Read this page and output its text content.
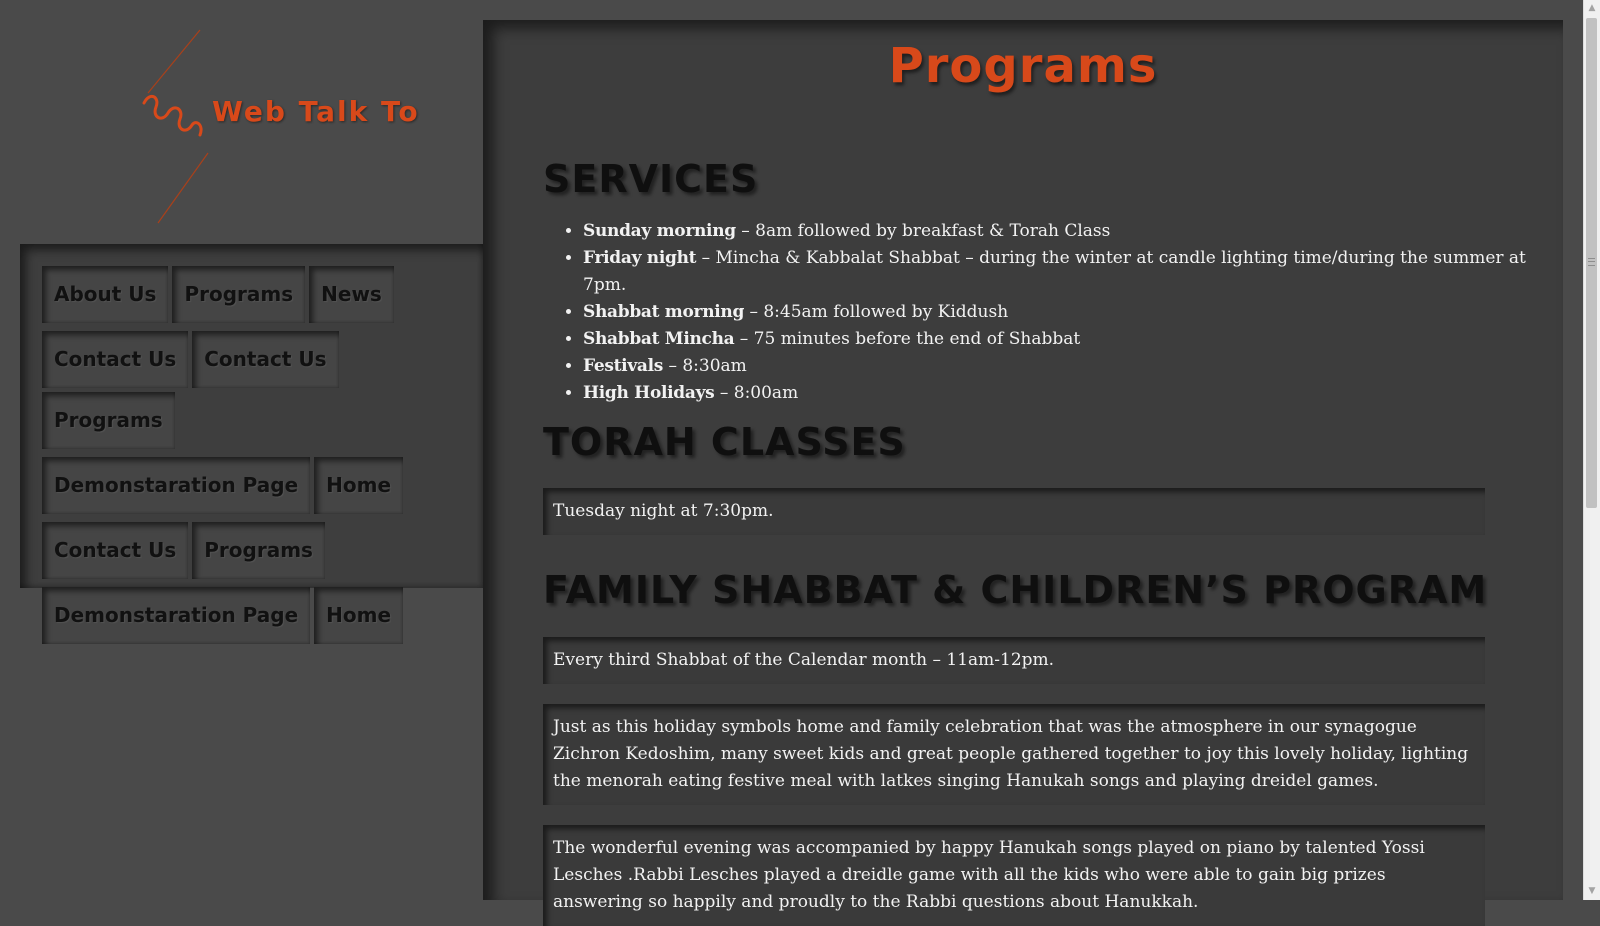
Web Talk To
About Us	Programs	News
Contact Us	Contact Us
Programs
Demonstaration Page	Home
Contact Us	Programs
Demonstaration Page	Home
Programs
SERVICES
• Sunday morning – 8am followed by breakfast & Torah Class
• Friday night – Mincha & Kabbalat Shabbat – during the winter at candle lighting time/during the summer at 7pm.
• Shabbat morning – 8:45am followed by Kiddush
• Shabbat Mincha – 75 minutes before the end of Shabbat
• Festivals – 8:30am
• High Holidays – 8:00am
TORAH CLASSES
Tuesday night at 7:30pm.
FAMILY SHABBAT & CHILDREN’S PROGRAM
Every third Shabbat of the Calendar month – 11am-12pm.
Just as this holiday symbols home and family celebration that was the atmosphere in our synagogue Zichron Kedoshim, many sweet kids and great people gathered together to joy this lovely holiday, lighting the menorah eating festive meal with latkes singing Hanukah songs and playing dreidel games.
The wonderful evening was accompanied by happy Hanukah songs played on piano by talented Yossi Lesches .Rabbi Lesches played a dreidle game with all the kids who were able to gain big prizes answering so happily and proudly to the Rabbi questions about Hanukkah.
▲
▼
